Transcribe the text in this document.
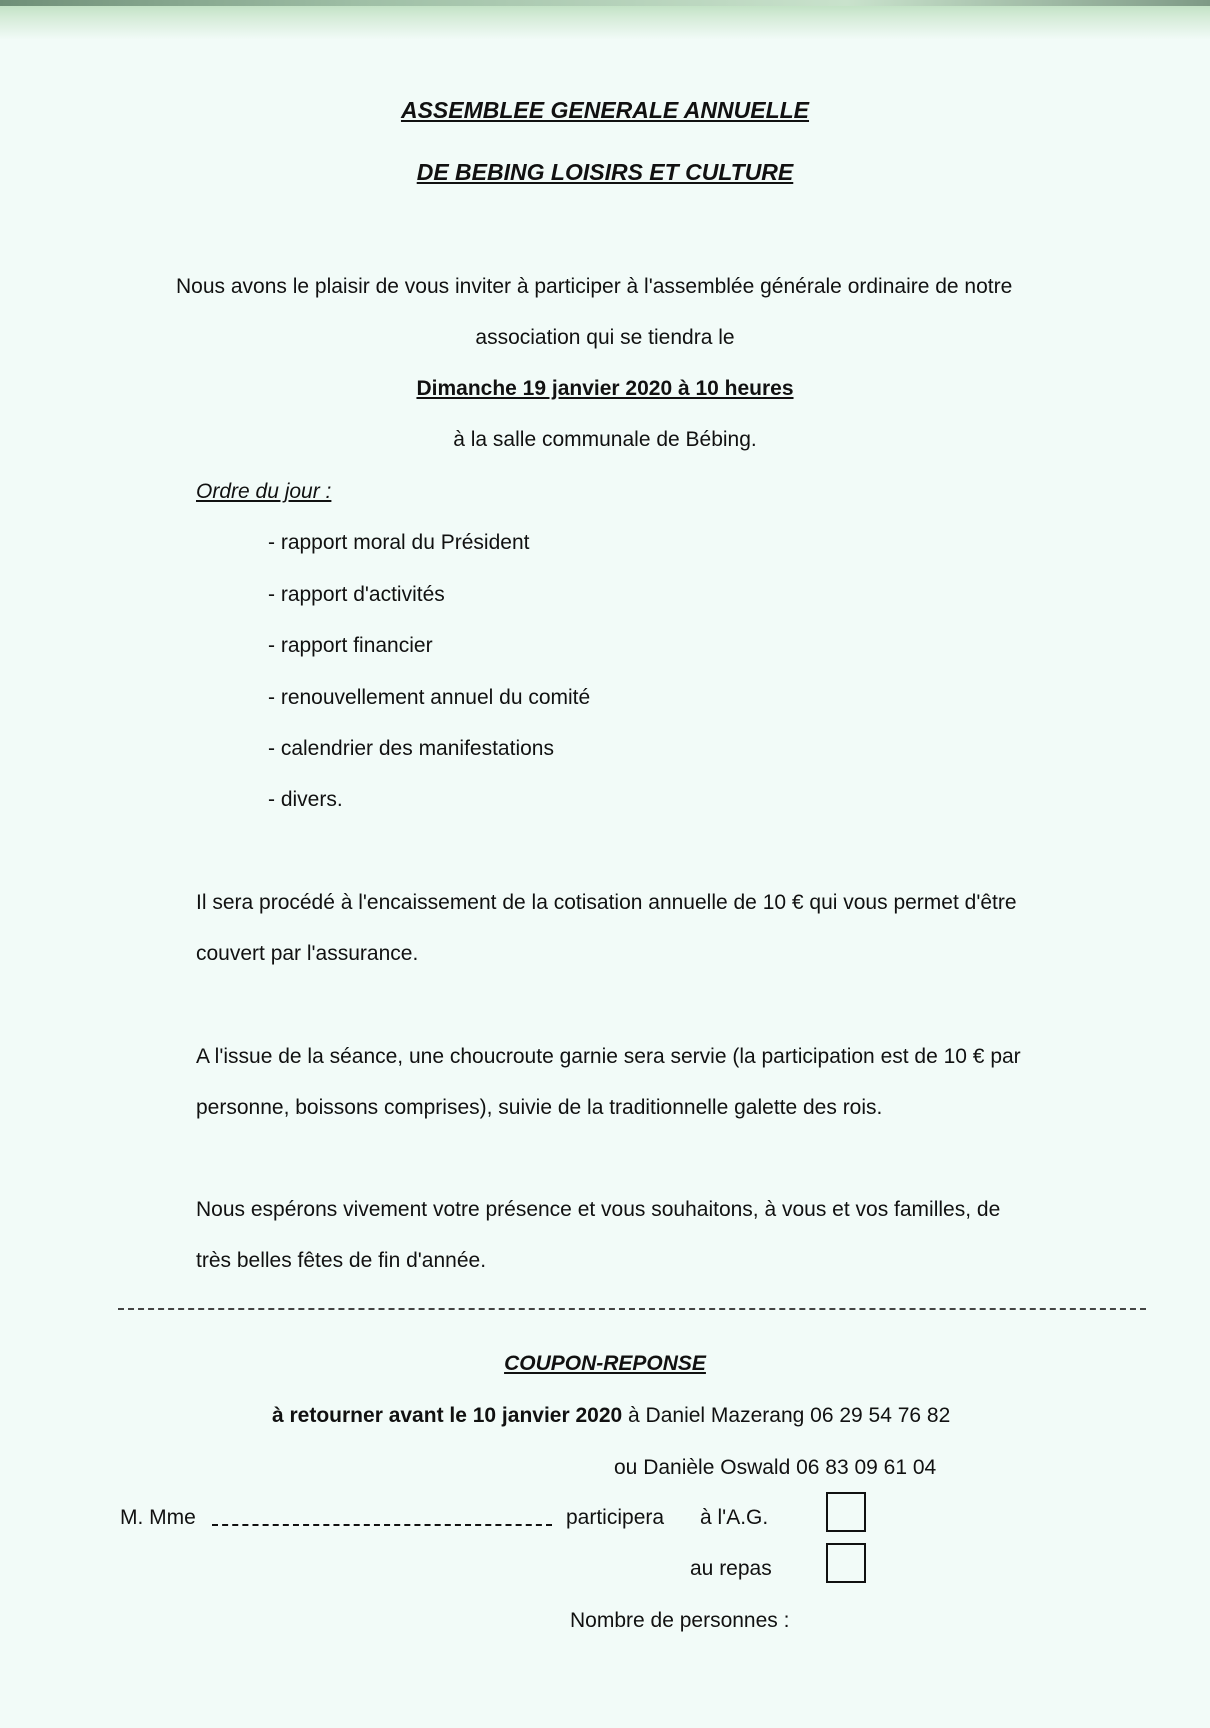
ASSEMBLEE GENERALE ANNUELLE
DE BEBING LOISIRS ET CULTURE
Nous avons le plaisir de vous inviter à participer à l'assemblée générale ordinaire de notre
association qui se tiendra le
Dimanche 19 janvier 2020 à 10 heures
à la salle communale de Bébing.
Ordre du jour :
- rapport moral du Président
- rapport d'activités
- rapport financier
- renouvellement annuel du comité
- calendrier des manifestations
- divers.
Il sera procédé à l'encaissement de la cotisation annuelle de 10 € qui vous permet d'être
couvert par l'assurance.
A l'issue de la séance, une choucroute garnie sera servie (la participation est de 10 € par
personne, boissons comprises), suivie de la traditionnelle galette des rois.
Nous espérons vivement votre présence et vous souhaitons, à vous et vos familles, de
très belles fêtes de fin d'année.
COUPON-REPONSE
à retourner avant le 10 janvier 2020 à Daniel Mazerang 06 29 54 76 82
ou Danièle Oswald 06 83 09 61 04
M. Mme	participera à l'A.G.
au repas
Nombre de personnes :
